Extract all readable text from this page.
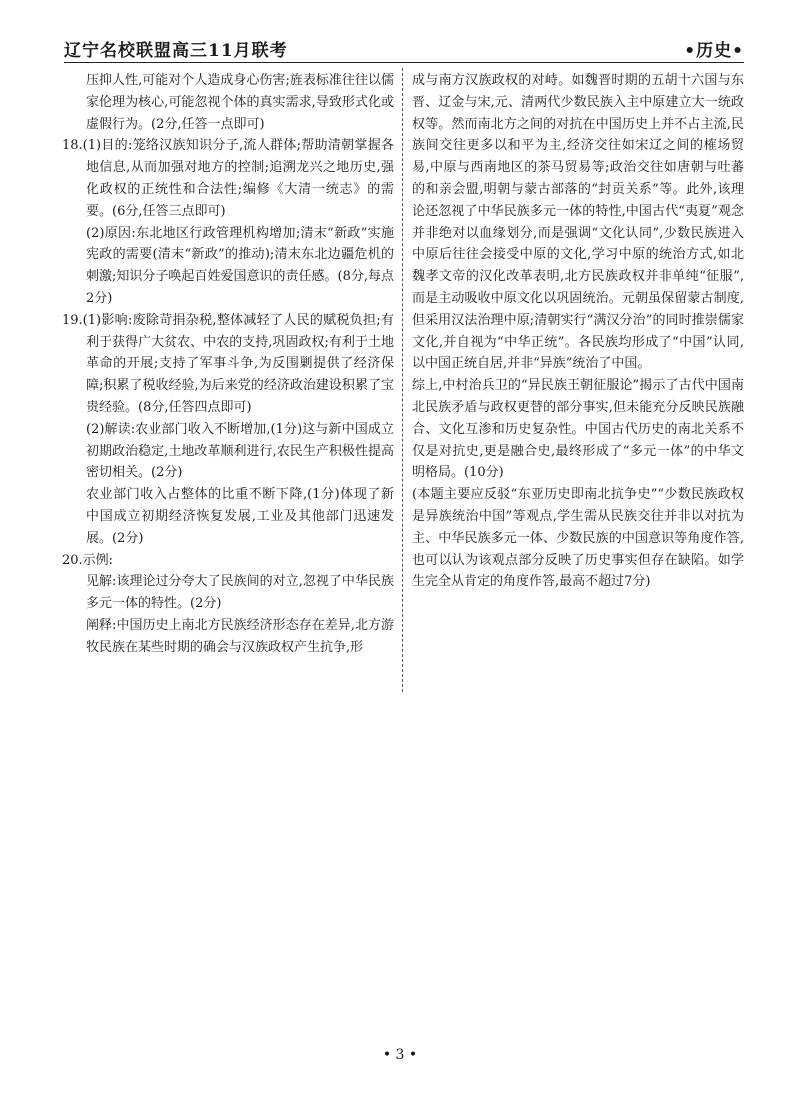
辽宁名校联盟高三11月联考	•历史•

压抑人性,可能对个人造成身心伤害;旌表标准往往以儒家伦理为核心,可能忽视个体的真实需求,导致形式化或虚假行为。(2分,任答一点即可)

18.(1)目的:笼络汉族知识分子,流人群体;帮助清朝掌握各地信息,从而加强对地方的控制;追溯龙兴之地历史,强化政权的正统性和合法性;编修《大清一统志》的需要。(6分,任答三点即可)

(2)原因:东北地区行政管理机构增加;清末“新政”实施宪政的需要(清末“新政”的推动);清末东北边疆危机的刺激;知识分子唤起百姓爱国意识的责任感。(8分,每点2分)

19.(1)影响:废除苛捐杂税,整体减轻了人民的赋税负担;有利于获得广大贫农、中农的支持,巩固政权;有利于土地革命的开展;支持了军事斗争,为反围剿提供了经济保障;积累了税收经验,为后来党的经济政治建设积累了宝贵经验。(8分,任答四点即可)

(2)解读:农业部门收入不断增加,(1分)这与新中国成立初期政治稳定,土地改革顺利进行,农民生产积极性提高密切相关。(2分)

农业部门收入占整体的比重不断下降,(1分)体现了新中国成立初期经济恢复发展,工业及其他部门迅速发展。(2分)

20.示例:

见解:该理论过分夸大了民族间的对立,忽视了中华民族多元一体的特性。(2分)

阐释:中国历史上南北方民族经济形态存在差异,北方游牧民族在某些时期的确会与汉族政权产生抗争,形

成与南方汉族政权的对峙。如魏晋时期的五胡十六国与东晋、辽金与宋,元、清两代少数民族入主中原建立大一统政权等。然而南北方之间的对抗在中国历史上并不占主流,民族间交往更多以和平为主,经济交往如宋辽之间的榷场贸易,中原与西南地区的茶马贸易等;政治交往如唐朝与吐蕃的和亲会盟,明朝与蒙古部落的“封贡关系”等。此外,该理论还忽视了中华民族多元一体的特性,中国古代“夷夏”观念并非绝对以血缘划分,而是强调“文化认同”,少数民族进入中原后往往会接受中原的文化,学习中原的统治方式,如北魏孝文帝的汉化改革表明,北方民族政权并非单纯“征服”,而是主动吸收中原文化以巩固统治。元朝虽保留蒙古制度,但采用汉法治理中原;清朝实行“满汉分治”的同时推崇儒家文化,并自视为“中华正统”。各民族均形成了“中国”认同,以中国正统自居,并非“异族”统治了中国。

综上,中村治兵卫的“异民族王朝征服论”揭示了古代中国南北民族矛盾与政权更替的部分事实,但未能充分反映民族融合、文化互渗和历史复杂性。中国古代历史的南北关系不仅是对抗史,更是融合史,最终形成了“多元一体”的中华文明格局。(10分)

(本题主要应反驳“东亚历史即南北抗争史”“少数民族政权是异族统治中国”等观点,学生需从民族交往并非以对抗为主、中华民族多元一体、少数民族的中国意识等角度作答,也可以认为该观点部分反映了历史事实但存在缺陷。如学生完全从肯定的角度作答,最高不超过7分)

• 3 •
